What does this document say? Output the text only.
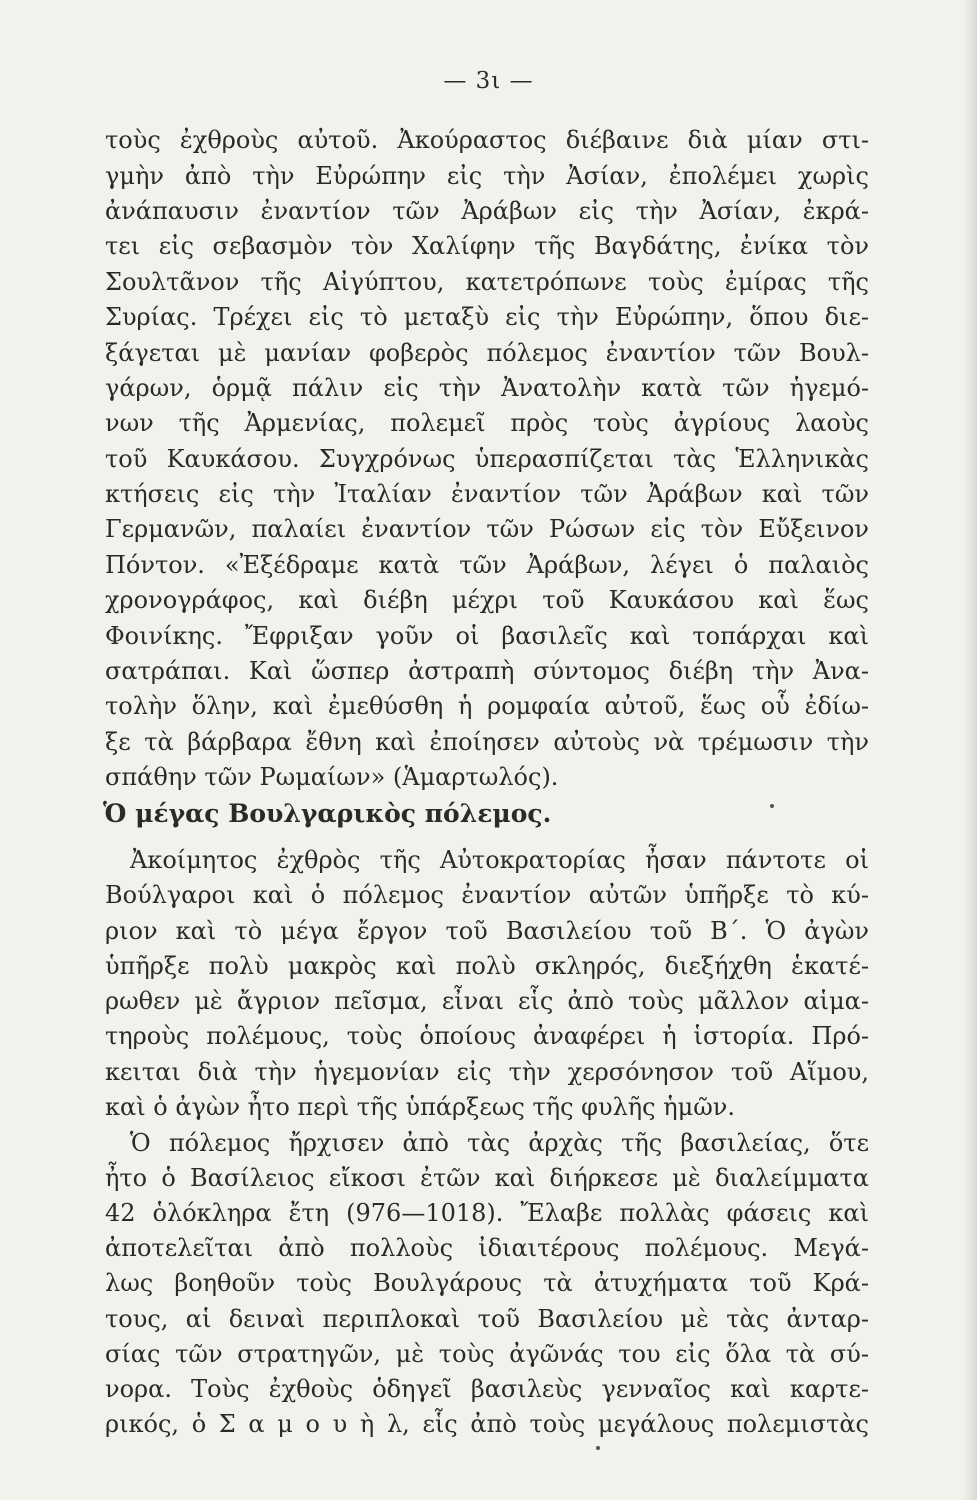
— 3ι —
τοὺς ἐχθροὺς αὐτοῦ. Ἀκούραστος διέβαινε διὰ μίαν στι-
γμὴν ἀπὸ τὴν Εὐρώπην εἰς τὴν Ἀσίαν, ἐπολέμει χωρὶς
ἀνάπαυσιν ἐναντίον τῶν Ἀράβων εἰς τὴν Ἀσίαν, ἐκρά-
τει εἰς σεβασμὸν τὸν Χαλίφην τῆς Βαγδάτης, ἐνίκα τὸν
Σουλτᾶνον τῆς Αἰγύπτου, κατετρόπωνε τοὺς ἐμίρας τῆς
Συρίας. Τρέχει εἰς τὸ μεταξὺ εἰς τὴν Εὐρώπην, ὅπου διε-
ξάγεται μὲ μανίαν φοβερὸς πόλεμος ἐναντίον τῶν Βουλ-
γάρων, ὁρμᾷ πάλιν εἰς τὴν Ἀνατολὴν κατὰ τῶν ἡγεμό-
νων τῆς Ἀρμενίας, πολεμεῖ πρὸς τοὺς ἀγρίους λαοὺς
τοῦ Καυκάσου. Συγχρόνως ὑπερασπίζεται τὰς Ἑλληνικὰς
κτήσεις εἰς τὴν Ἰταλίαν ἐναντίον τῶν Ἀράβων καὶ τῶν
Γερμανῶν, παλαίει ἐναντίον τῶν Ρώσων εἰς τὸν Εὔξεινον
Πόντον. «Ἐξέδραμε κατὰ τῶν Ἀράβων, λέγει ὁ παλαιὸς
χρονογράφος, καὶ διέβη μέχρι τοῦ Καυκάσου καὶ ἕως
Φοινίκης. Ἔφριξαν γοῦν οἱ βασιλεῖς καὶ τοπάρχαι καὶ
σατράπαι. Καὶ ὥσπερ ἀστραπὴ σύντομος διέβη τὴν Ἀνα-
τολὴν ὅλην, καὶ ἐμεθύσθη ἡ ρομφαία αὐτοῦ, ἕως οὗ ἐδίω-
ξε τὰ βάρβαρα ἔθνη καὶ ἐποίησεν αὐτοὺς νὰ τρέμωσιν τὴν
σπάθην τῶν Ρωμαίων» (Ἁμαρτωλός).
Ὁ μέγας Βουλγαρικὸς πόλεμος.
Ἀκοίμητος ἐχθρὸς τῆς Αὐτοκρατορίας ἦσαν πάντοτε οἱ
Βούλγαροι καὶ ὁ πόλεμος ἐναντίον αὐτῶν ὑπῆρξε τὸ κύ-
ριον καὶ τὸ μέγα ἔργον τοῦ Βασιλείου τοῦ Β΄. Ὁ ἀγὼν
ὑπῆρξε πολὺ μακρὸς καὶ πολὺ σκληρός, διεξήχθη ἑκατέ-
ρωθεν μὲ ἄγριον πεῖσμα, εἶναι εἷς ἀπὸ τοὺς μᾶλλον αἱμα-
τηροὺς πολέμους, τοὺς ὁποίους ἀναφέρει ἡ ἱστορία. Πρό-
κειται διὰ τὴν ἡγεμονίαν εἰς τὴν χερσόνησον τοῦ Αἵμου,
καὶ ὁ ἀγὼν ἦτο περὶ τῆς ὑπάρξεως τῆς φυλῆς ἡμῶν.
Ὁ πόλεμος ἤρχισεν ἀπὸ τὰς ἀρχὰς τῆς βασιλείας, ὅτε
ἦτο ὁ Βασίλειος εἴκοσι ἐτῶν καὶ διήρκεσε μὲ διαλείμματα
42 ὁλόκληρα ἔτη (976—1018). Ἔλαβε πολλὰς φάσεις καὶ
ἀποτελεῖται ἀπὸ πολλοὺς ἰδιαιτέρους πολέμους. Μεγά-
λως βοηθοῦν τοὺς Βουλγάρους τὰ ἀτυχήματα τοῦ Κρά-
τους, αἱ δειναὶ περιπλοκαὶ τοῦ Βασιλείου μὲ τὰς ἀνταρ-
σίας τῶν στρατηγῶν, μὲ τοὺς ἀγῶνάς του εἰς ὅλα τὰ σύ-
νορα. Τοὺς ἐχθοὺς ὁδηγεῖ βασιλεὺς γενναῖος καὶ καρτε-
ρικός, ὁ Σ α μ ο υ ὴ λ, εἷς ἀπὸ τοὺς μεγάλους πολεμιστὰς
